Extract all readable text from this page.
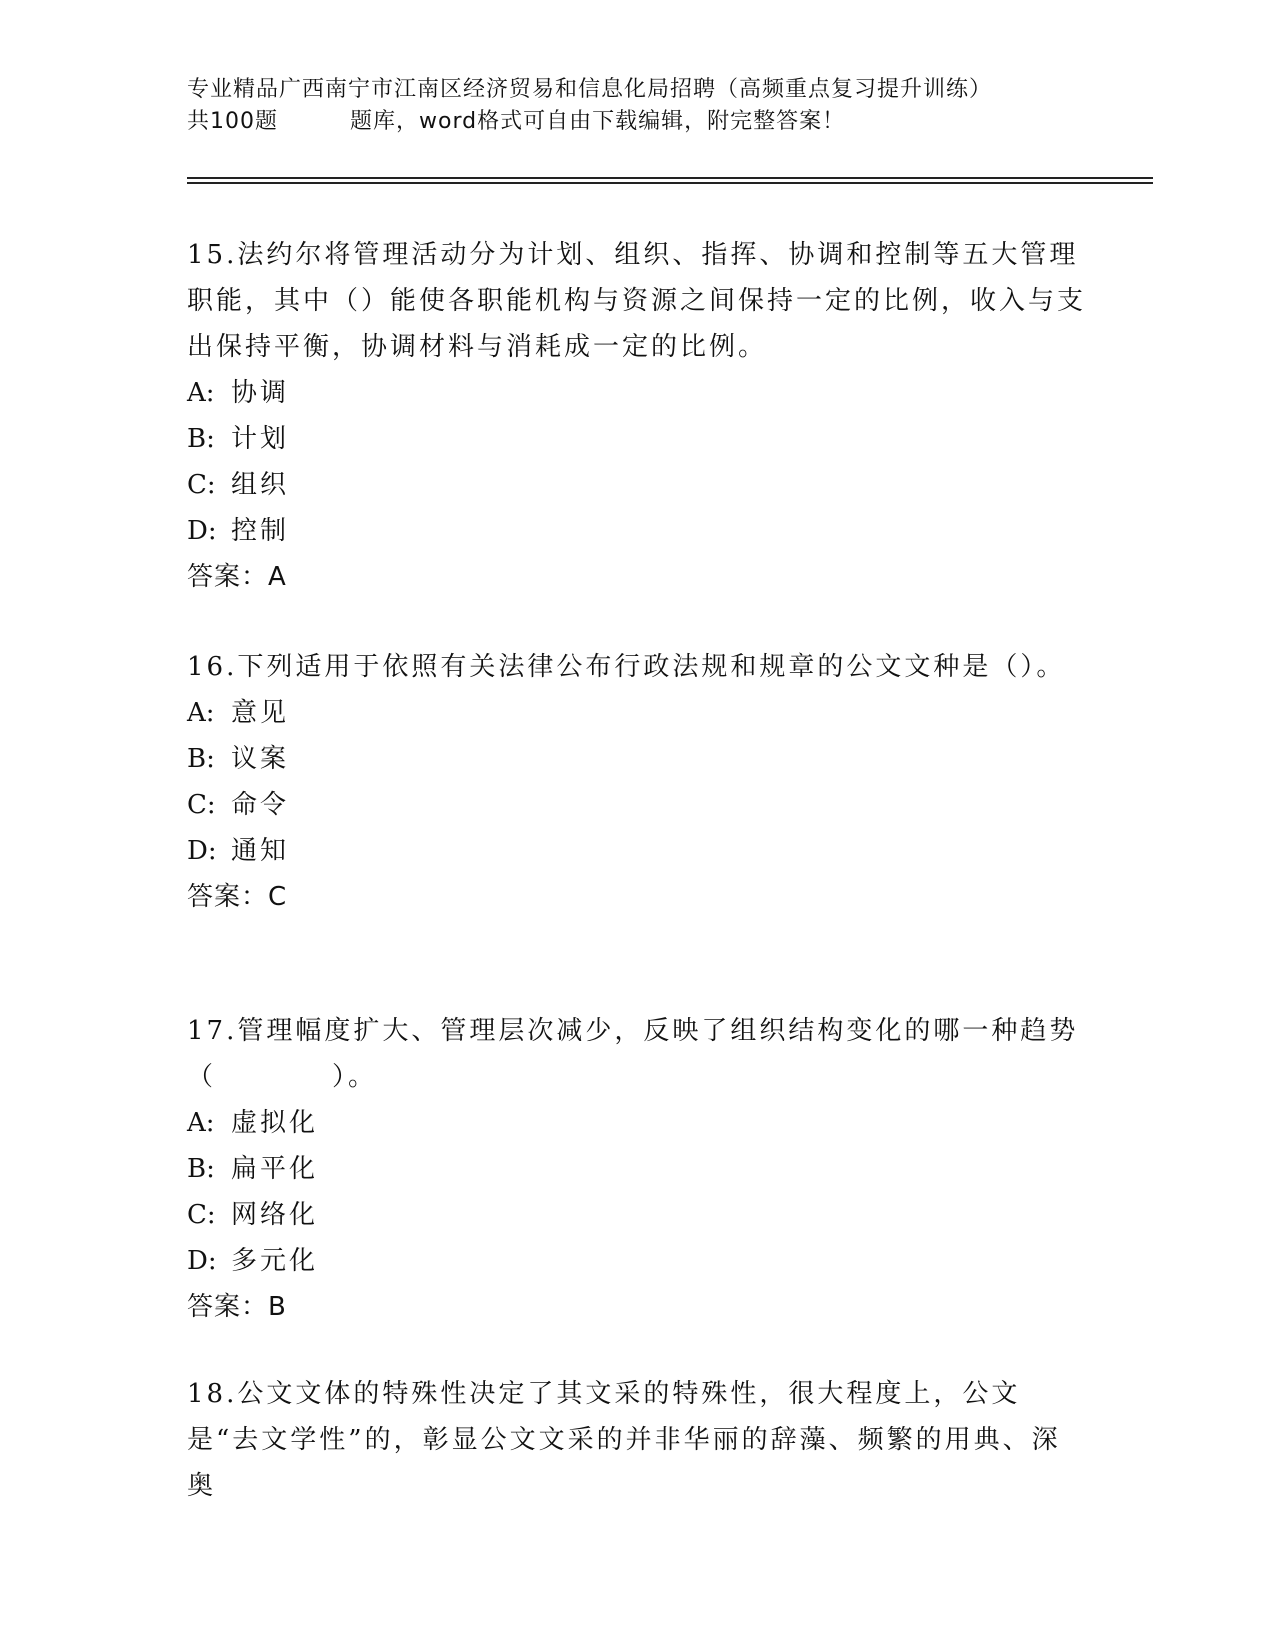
专业精品广西南宁市江南区经济贸易和信息化局招聘（高频重点复习提升训练）
共100题	题库，word格式可自由下载编辑，附完整答案！

15.法约尔将管理活动分为计划、组织、指挥、协调和控制等五大管理职能，其中（）能使各职能机构与资源之间保持一定的比例，收入与支出保持平衡，协调材料与消耗成一定的比例。

A: 协调
B: 计划
C: 组织
D: 控制
答案：A

16.下列适用于依照有关法律公布行政法规和规章的公文文种是（）。

A: 意见
B: 议案
C: 命令
D: 通知
答案：C

17.管理幅度扩大、管理层次减少，反映了组织结构变化的哪一种趋势（　　　　）。

A: 虚拟化
B: 扁平化
C: 网络化
D: 多元化
答案：B

18.公文文体的特殊性决定了其文采的特殊性，很大程度上，公文是“去文学性”的，彰显公文文采的并非华丽的辞藻、频繁的用典、深奥
